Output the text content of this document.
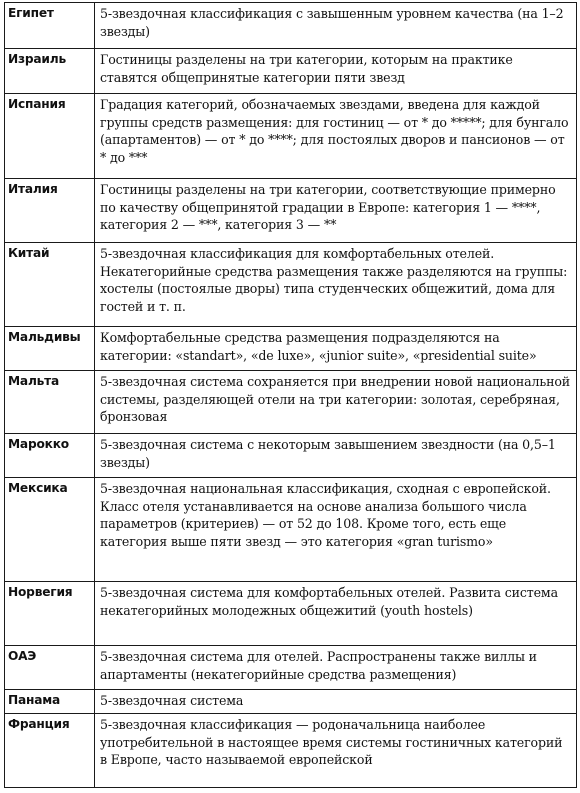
Египет	5-звездочная классификация с завышенным уровнем качества (на 1–2 звезды)
Израиль	Гостиницы разделены на три категории, которым на практике ставятся общепринятые категории пяти звезд
Испания	Градация категорий, обозначаемых звездами, введена для каждой группы средств размещения: для гостиниц — от * до *****; для бунгало (апартаментов) — от * до ****; для постоялых дворов и пансионов — от * до ***
Италия	Гостиницы разделены на три категории, соответствующие примерно по качеству общепринятой градации в Европе: категория 1 — ****, категория 2 — ***, категория 3 — **
Китай	5-звездочная классификация для комфортабельных отелей. Некатегорийные средства размещения также разделяются на группы: хостелы (постоялые дворы) типа студенческих общежитий, дома для гостей и т. п.
Мальдивы	Комфортабельные средства размещения подразделяются на категории: «standart», «de luxe», «junior suite», «presidential suite»
Мальта	5-звездочная система сохраняется при внедрении новой национальной системы, разделяющей отели на три категории: золотая, серебряная, бронзовая
Марокко	5-звездочная система с некоторым завышением звездности (на 0,5–1 звезды)
Мексика	5-звездочная национальная классификация, сходная с европейской. Класс отеля устанавливается на основе анализа большого числа параметров (критериев) — от 52 до 108. Кроме того, есть еще категория выше пяти звезд — это категория «gran turismo»
Норвегия	5-звездочная система для комфортабельных отелей. Развита система некатегорийных молодежных общежитий (youth hostels)
ОАЭ	5-звездочная система для отелей. Распространены также виллы и апартаменты (некатегорийные средства размещения)
Панама	5-звездочная система
Франция	5-звездочная классификация — родоначальница наиболее употребительной в настоящее время системы гостиничных категорий в Европе, часто называемой европейской
